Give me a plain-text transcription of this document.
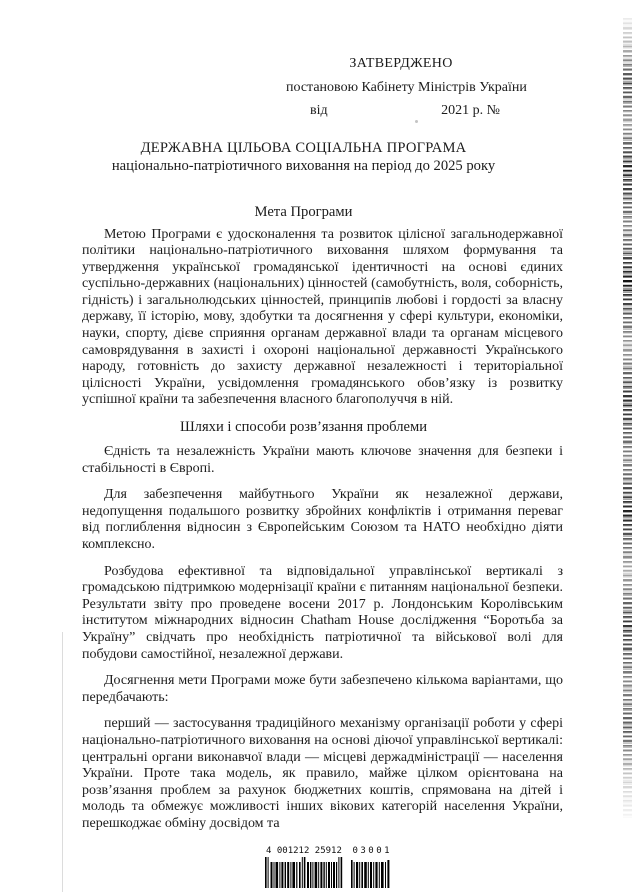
ЗАТВЕРДЖЕНО
постановою Кабінету Міністрів України
від	2021 р. №
ДЕРЖАВНА ЦІЛЬОВА СОЦІАЛЬНА ПРОГРАМА
національно-патріотичного виховання на період до 2025 року
Мета Програми

Метою Програми є удосконалення та розвиток цілісної загальнодержавної політики національно-патріотичного виховання шляхом формування та утвердження української громадянської ідентичності на основі єдиних суспільно-державних (національних) цінностей (самобутність, воля, соборність, гідність) і загальнолюдських цінностей, принципів любові і гордості за власну державу, її історію, мову, здобутки та досягнення у сфері культури, економіки, науки, спорту, дієве сприяння органам державної влади та органам місцевого самоврядування в захисті і охороні національної державності Українського народу, готовність до захисту державної незалежності і територіальної цілісності України, усвідомлення громадянського обов’язку із розвитку успішної країни та забезпечення власного благополуччя в ній.

Шляхи і способи розв’язання проблеми

Єдність та незалежність України мають ключове значення для безпеки і стабільності в Європі.

Для забезпечення майбутнього України як незалежної держави, недопущення подальшого розвитку збройних конфліктів і отримання переваг від поглиблення відносин з Європейським Союзом та НАТО необхідно діяти комплексно.

Розбудова ефективної та відповідальної управлінської вертикалі з громадською підтримкою модернізації країни є питанням національної безпеки. Результати звіту про проведене восени 2017 р. Лондонським Королівським інститутом міжнародних відносин Chatham House дослідження “Боротьба за Україну” свідчать про необхідність патріотичної та військової волі для побудови самостійної, незалежної держави.

Досягнення мети Програми може бути забезпечено кількома варіантами, що передбачають:

перший — застосування традиційного механізму організації роботи у сфері національно-патріотичного виховання на основі діючої управлінської вертикалі: центральні органи виконавчої влади — місцеві держадміністрації — населення України. Проте така модель, як правило, майже цілком орієнтована на розв’язання проблем за рахунок бюджетних коштів, спрямована на дітей і молодь та обмежує можливості інших вікових категорій населення України, перешкоджає обміну досвідом та

4 001212 25912 03001
